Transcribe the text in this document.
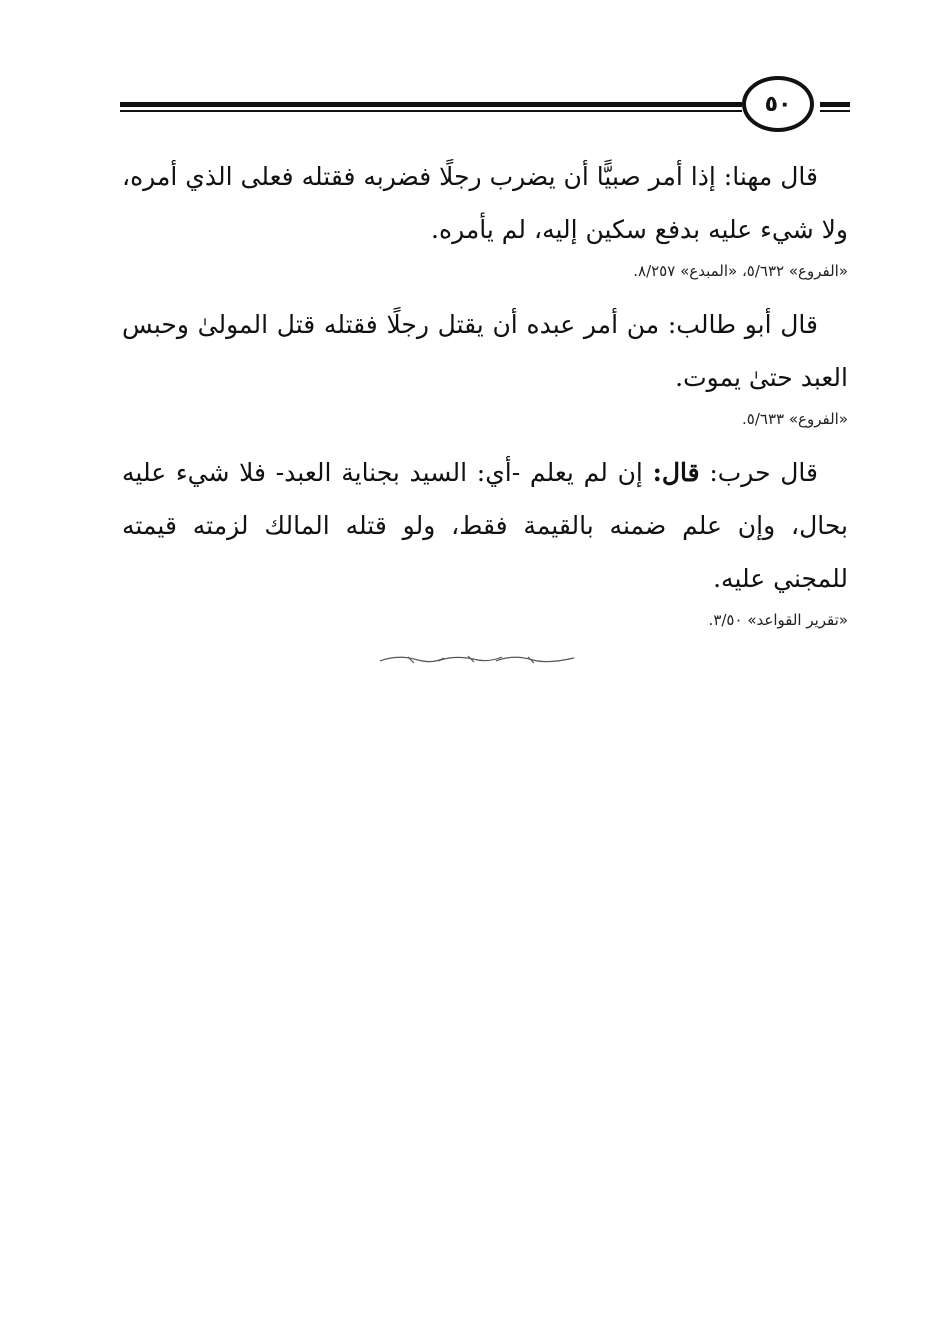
٥٠

قال مهنا: إذا أمر صبيًّا أن يضرب رجلًا فضربه فقتله فعلى الذي أمره، ولا شيء عليه بدفع سكين إليه، لم يأمره.

«الفروع» ٥/٦٣٢، «المبدع» ٨/٢٥٧.

قال أبو طالب: من أمر عبده أن يقتل رجلًا فقتله قتل المولىٰ وحبس العبد حتىٰ يموت.

«الفروع» ٥/٦٣٣.

قال حرب: قال: إن لم يعلم -أي: السيد بجناية العبد- فلا شيء عليه بحال، وإن علم ضمنه بالقيمة فقط، ولو قتله المالك لزمته قيمته للمجني عليه.

«تقرير القواعد» ٣/٥٠.
